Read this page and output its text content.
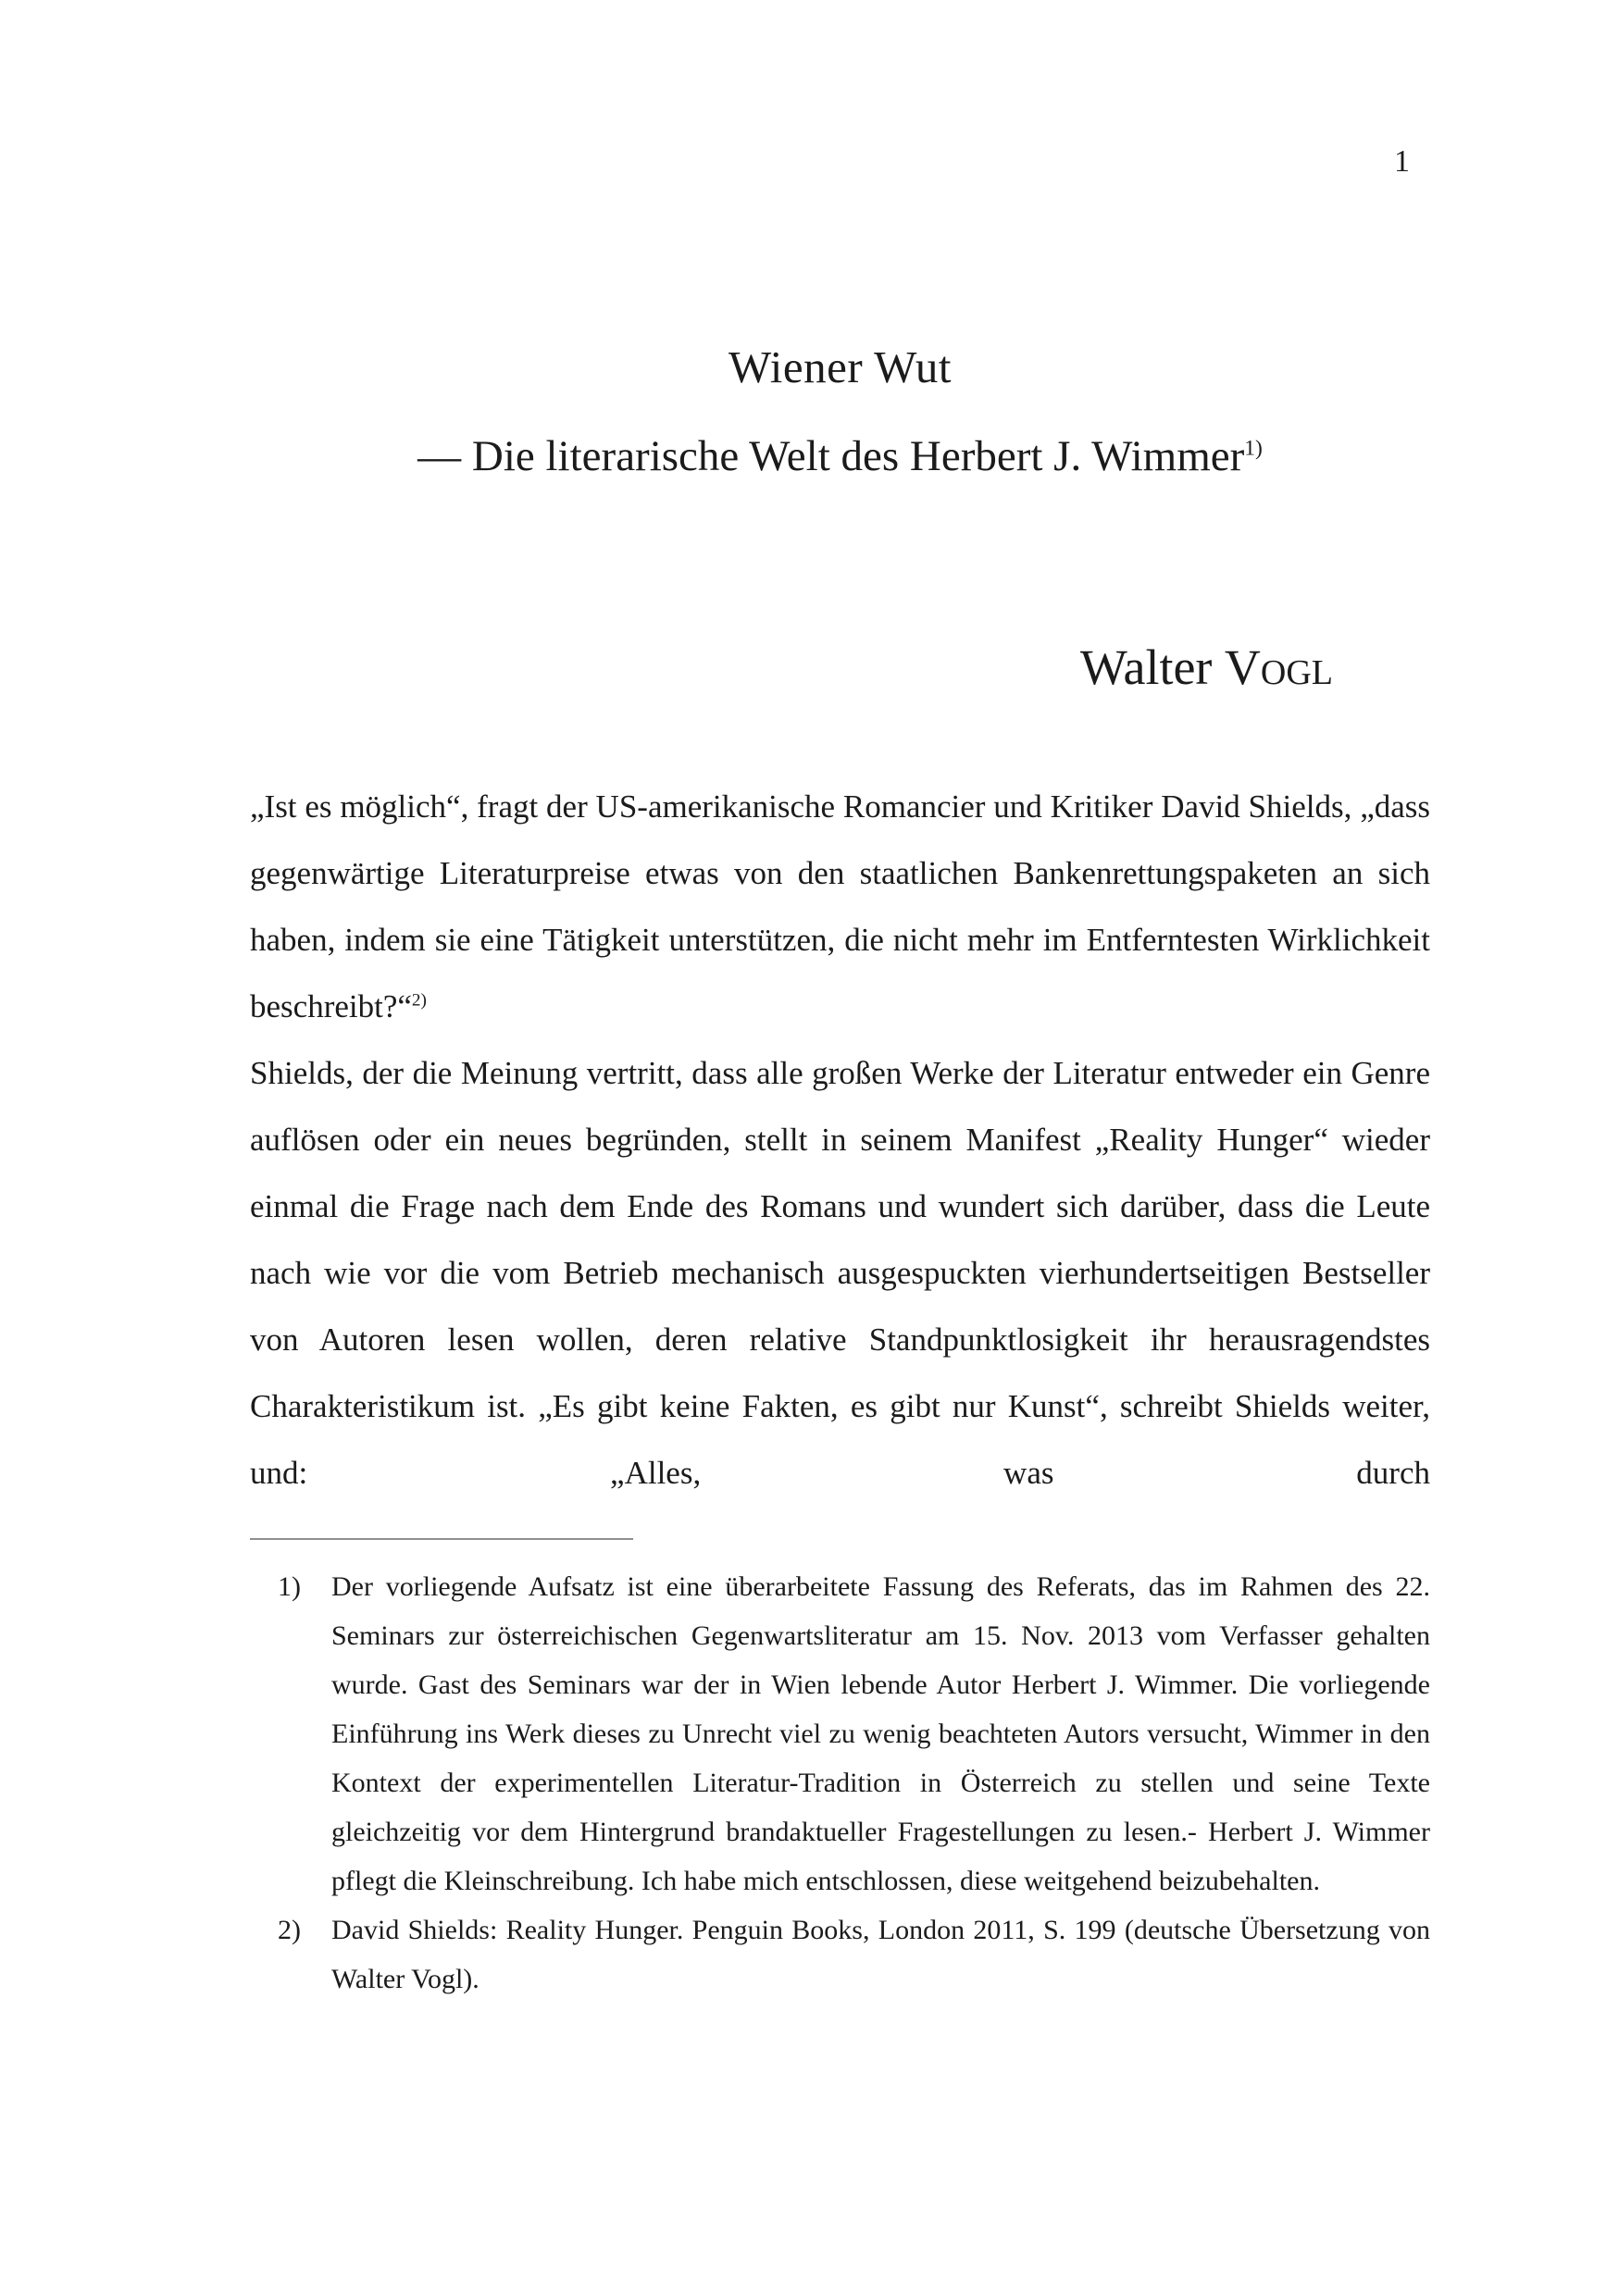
1
Wiener Wut
— Die literarische Welt des Herbert J. Wimmer$^{1)}$
Walter Vogl

„Ist es möglich“, fragt der US-amerikanische Romancier und Kritiker David Shields, „dass gegenwärtige Literaturpreise etwas von den staatlichen Bankenrettungspaketen an sich haben, indem sie eine Tätigkeit unterstützen, die nicht mehr im Entferntesten Wirklichkeit beschreibt?“$^{2)}$

Shields, der die Meinung vertritt, dass alle großen Werke der Literatur entweder ein Genre auflösen oder ein neues begründen, stellt in seinem Manifest „Reality Hunger“ wieder einmal die Frage nach dem Ende des Romans und wundert sich darüber, dass die Leute nach wie vor die vom Betrieb mechanisch ausgespuckten vierhundertseitigen Bestseller von Autoren lesen wollen, deren relative Standpunktlosigkeit ihr herausragendstes Charakteristikum ist. „Es gibt keine Fakten, es gibt nur Kunst“, schreibt Shields weiter, und: „Alles, was durch

1)	Der vorliegende Aufsatz ist eine überarbeitete Fassung des Referats, das im Rahmen des 22. Seminars zur österreichischen Gegenwartsliteratur am 15. Nov. 2013 vom Verfasser gehalten wurde. Gast des Seminars war der in Wien lebende Autor Herbert J. Wimmer. Die vorliegende Einführung ins Werk dieses zu Unrecht viel zu wenig beachteten Autors versucht, Wimmer in den Kontext der experimentellen Literatur-Tradition in Österreich zu stellen und seine Texte gleichzeitig vor dem Hintergrund brandaktueller Fragestellungen zu lesen.- Herbert J. Wimmer pflegt die Kleinschreibung. Ich habe mich entschlossen, diese weitgehend beizubehalten.
2)	David Shields: Reality Hunger. Penguin Books, London 2011, S. 199 (deutsche Übersetzung von Walter Vogl).
